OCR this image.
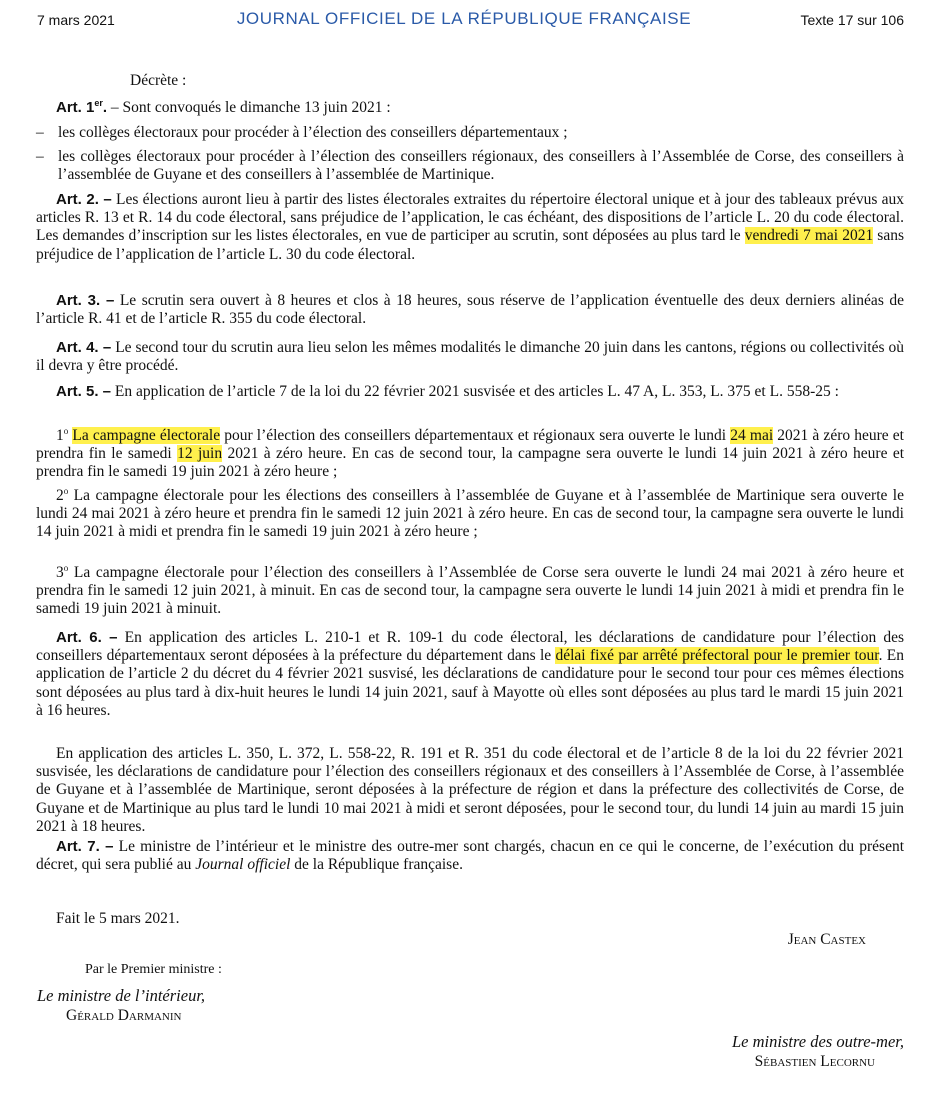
7 mars 2021	JOURNAL OFFICIEL DE LA RÉPUBLIQUE FRANÇAISE	Texte 17 sur 106
Décrète :
Art. 1er. – Sont convoqués le dimanche 13 juin 2021 :
– les collèges électoraux pour procéder à l’élection des conseillers départementaux ;
– les collèges électoraux pour procéder à l’élection des conseillers régionaux, des conseillers à l’Assemblée de Corse, des conseillers à l’assemblée de Guyane et des conseillers à l’assemblée de Martinique.
Art. 2. – Les élections auront lieu à partir des listes électorales extraites du répertoire électoral unique et à jour des tableaux prévus aux articles R. 13 et R. 14 du code électoral, sans préjudice de l’application, le cas échéant, des dispositions de l’article L. 20 du code électoral. Les demandes d’inscription sur les listes électorales, en vue de participer au scrutin, sont déposées au plus tard le vendredi 7 mai 2021 sans préjudice de l’application de l’article L. 30 du code électoral.
Art. 3. – Le scrutin sera ouvert à 8 heures et clos à 18 heures, sous réserve de l’application éventuelle des deux derniers alinéas de l’article R. 41 et de l’article R. 355 du code électoral.
Art. 4. – Le second tour du scrutin aura lieu selon les mêmes modalités le dimanche 20 juin dans les cantons, régions ou collectivités où il devra y être procédé.
Art. 5. – En application de l’article 7 de la loi du 22 février 2021 susvisée et des articles L. 47 A, L. 353, L. 375 et L. 558-25 :
1$^o$ La campagne électorale pour l’élection des conseillers départementaux et régionaux sera ouverte le lundi 24 mai 2021 à zéro heure et prendra fin le samedi 12 juin 2021 à zéro heure. En cas de second tour, la campagne sera ouverte le lundi 14 juin 2021 à zéro heure et prendra fin le samedi 19 juin 2021 à zéro heure ;
2$^o$ La campagne électorale pour les élections des conseillers à l’assemblée de Guyane et à l’assemblée de Martinique sera ouverte le lundi 24 mai 2021 à zéro heure et prendra fin le samedi 12 juin 2021 à zéro heure. En cas de second tour, la campagne sera ouverte le lundi 14 juin 2021 à midi et prendra fin le samedi 19 juin 2021 à zéro heure ;
3$^o$ La campagne électorale pour l’élection des conseillers à l’Assemblée de Corse sera ouverte le lundi 24 mai 2021 à zéro heure et prendra fin le samedi 12 juin 2021, à minuit. En cas de second tour, la campagne sera ouverte le lundi 14 juin 2021 à midi et prendra fin le samedi 19 juin 2021 à minuit.
Art. 6. – En application des articles L. 210-1 et R. 109-1 du code électoral, les déclarations de candidature pour l’élection des conseillers départementaux seront déposées à la préfecture du département dans le délai fixé par arrêté préfectoral pour le premier tour. En application de l’article 2 du décret du 4 février 2021 susvisé, les déclarations de candidature pour le second tour pour ces mêmes élections sont déposées au plus tard à dix-huit heures le lundi 14 juin 2021, sauf à Mayotte où elles sont déposées au plus tard le mardi 15 juin 2021 à 16 heures.
En application des articles L. 350, L. 372, L. 558-22, R. 191 et R. 351 du code électoral et de l’article 8 de la loi du 22 février 2021 susvisée, les déclarations de candidature pour l’élection des conseillers régionaux et des conseillers à l’Assemblée de Corse, à l’assemblée de Guyane et à l’assemblée de Martinique, seront déposées à la préfecture de région et dans la préfecture des collectivités de Corse, de Guyane et de Martinique au plus tard le lundi 10 mai 2021 à midi et seront déposées, pour le second tour, du lundi 14 juin au mardi 15 juin 2021 à 18 heures.
Art. 7. – Le ministre de l’intérieur et le ministre des outre-mer sont chargés, chacun en ce qui le concerne, de l’exécution du présent décret, qui sera publié au Journal officiel de la République française.
Fait le 5 mars 2021.
Jean Castex
Par le Premier ministre :
Le ministre de l’intérieur,
Gérald Darmanin
Le ministre des outre-mer,
Sébastien Lecornu
